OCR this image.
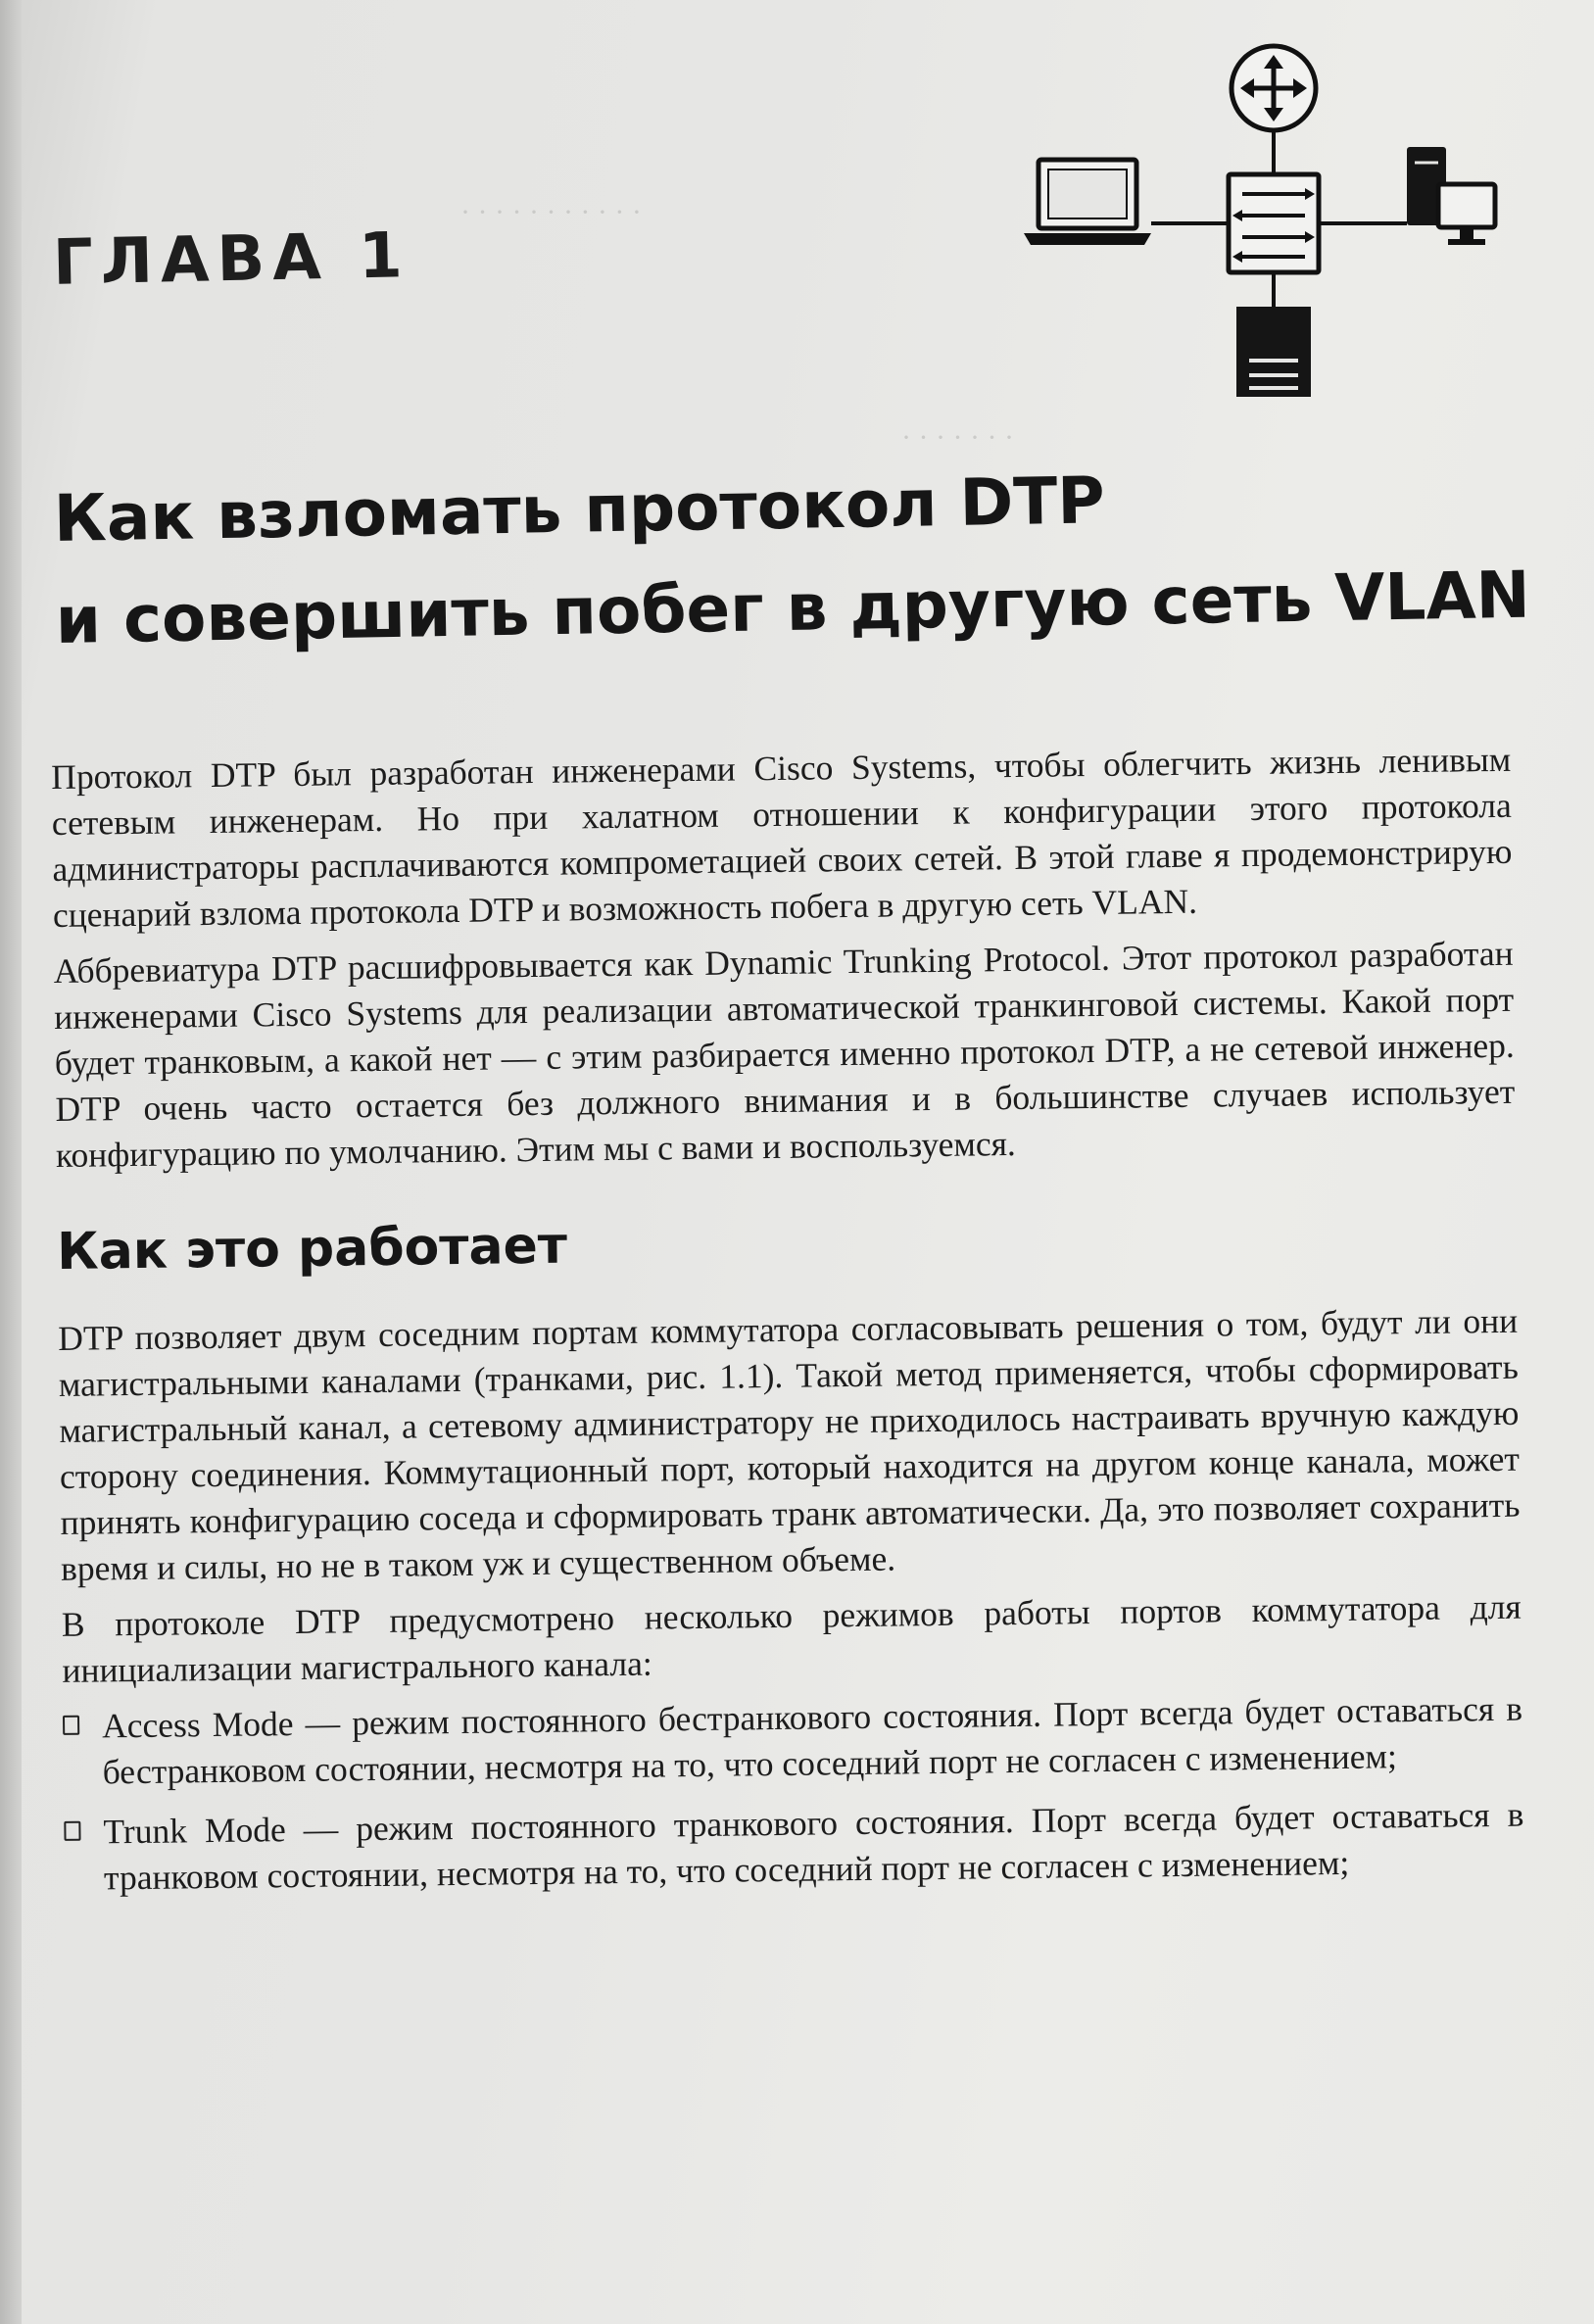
· · · · · · · · · · ·
· · · · · · ·
ГЛАВА 1
Как взломать протокол DTP
и совершить побег в другую сеть VLAN

Протокол DTP был разработан инженерами Cisco Systems, чтобы облегчить жизнь ленивым сетевым инженерам. Но при халатном отношении к конфигурации этого протокола администраторы расплачиваются компрометацией своих сетей. В этой главе я продемонстрирую сценарий взлома протокола DTP и возможность побега в другую сеть VLAN.

Аббревиатура DTP расшифровывается как Dynamic Trunking Protocol. Этот протокол разработан инженерами Cisco Systems для реализации автоматической транкинговой системы. Какой порт будет транковым, а какой нет — с этим разбирается именно протокол DTP, а не сетевой инженер. DTP очень часто остается без должного внимания и в большинстве случаев использует конфигурацию по умолчанию. Этим мы с вами и воспользуемся.

Как это работает

DTP позволяет двум соседним портам коммутатора согласовывать решения о том, будут ли они магистральными каналами (транками, рис. 1.1). Такой метод применяется, чтобы сформировать магистральный канал, а сетевому администратору не приходилось настраивать вручную каждую сторону соединения. Коммутационный порт, который находится на другом конце канала, может принять конфигурацию соседа и сформировать транк автоматически. Да, это позволяет сохранить время и силы, но не в таком уж и существенном объеме.

В протоколе DTP предусмотрено несколько режимов работы портов коммутатора для инициализации магистрального канала:

Access Mode — режим постоянного бестранкового состояния. Порт всегда будет оставаться в бестранковом состоянии, несмотря на то, что соседний порт не согласен с изменением;
Trunk Mode — режим постоянного транкового состояния. Порт всегда будет оставаться в транковом состоянии, несмотря на то, что соседний порт не согласен с изменением;
